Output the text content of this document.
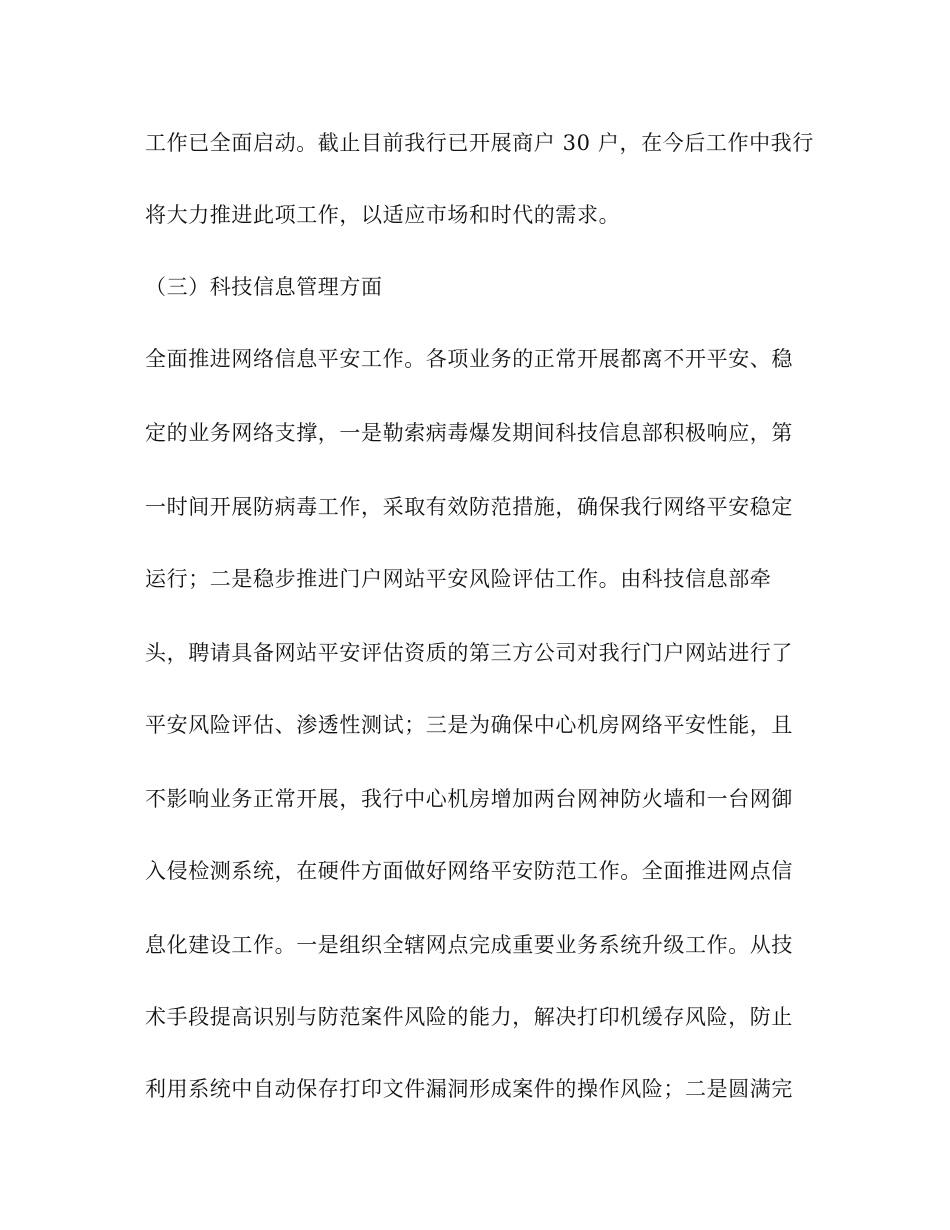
工作已全面启动。截止目前我行已开展商户 30 户，在今后工作中我行
将大力推进此项工作，以适应市场和时代的需求。
（三）科技信息管理方面
全面推进网络信息平安工作。各项业务的正常开展都离不开平安、稳
定的业务网络支撑，一是勒索病毒爆发期间科技信息部积极响应，第
一时间开展防病毒工作，采取有效防范措施，确保我行网络平安稳定
运行；二是稳步推进门户网站平安风险评估工作。由科技信息部牵
头，聘请具备网站平安评估资质的第三方公司对我行门户网站进行了
平安风险评估、渗透性测试；三是为确保中心机房网络平安性能，且
不影响业务正常开展，我行中心机房增加两台网神防火墙和一台网御
入侵检测系统，在硬件方面做好网络平安防范工作。全面推进网点信
息化建设工作。一是组织全辖网点完成重要业务系统升级工作。从技
术手段提高识别与防范案件风险的能力，解决打印机缓存风险，防止
利用系统中自动保存打印文件漏洞形成案件的操作风险；二是圆满完
